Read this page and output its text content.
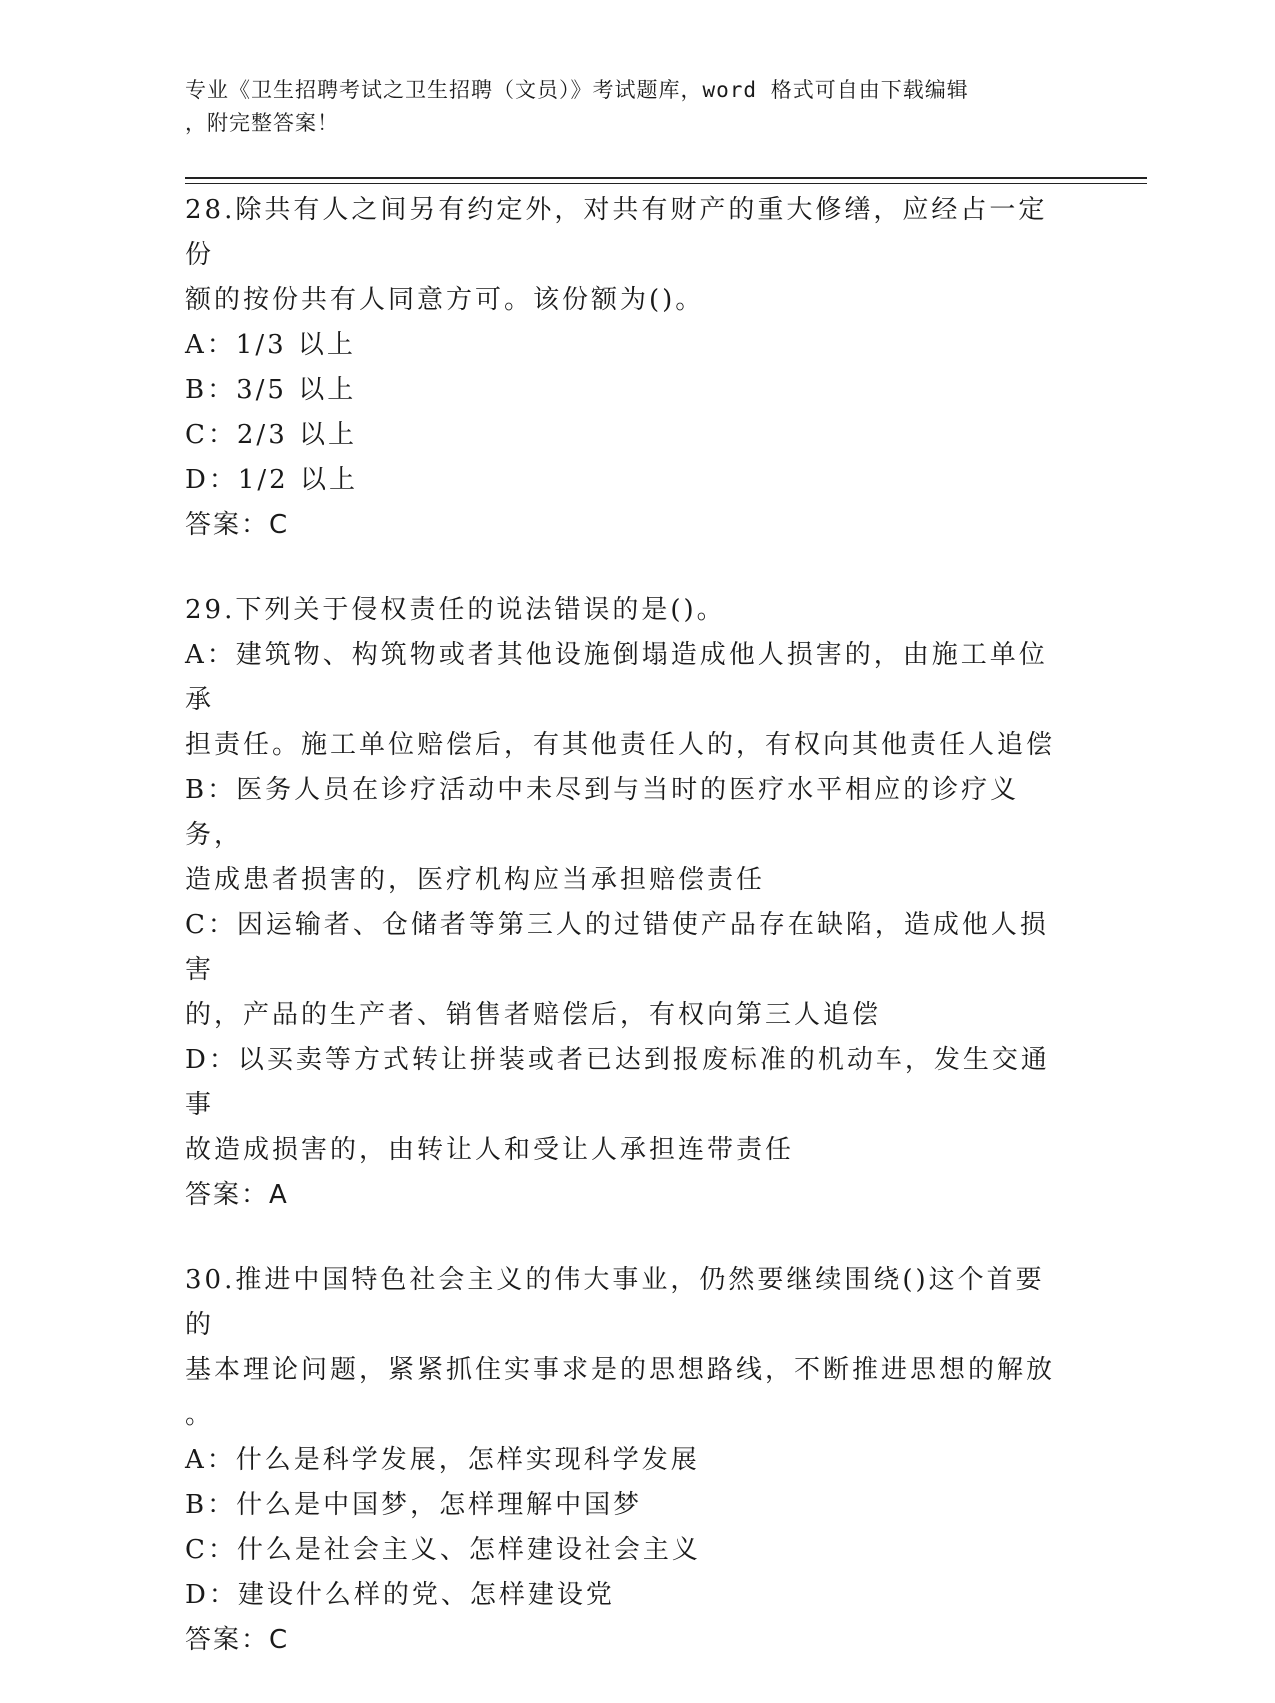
专业《卫生招聘考试之卫生招聘（文员）》考试题库，word 格式可自由下载编辑
，附完整答案！
28.除共有人之间另有约定外，对共有财产的重大修缮，应经占一定份
额的按份共有人同意方可。该份额为()。
A：1/3 以上
B：3/5 以上
C：2/3 以上
D：1/2 以上
答案：C
29.下列关于侵权责任的说法错误的是()。
A：建筑物、构筑物或者其他设施倒塌造成他人损害的，由施工单位承
担责任。施工单位赔偿后，有其他责任人的，有权向其他责任人追偿
B：医务人员在诊疗活动中未尽到与当时的医疗水平相应的诊疗义务，
造成患者损害的，医疗机构应当承担赔偿责任
C：因运输者、仓储者等第三人的过错使产品存在缺陷，造成他人损害
的，产品的生产者、销售者赔偿后，有权向第三人追偿
D：以买卖等方式转让拼装或者已达到报废标准的机动车，发生交通事
故造成损害的，由转让人和受让人承担连带责任
答案：A
30.推进中国特色社会主义的伟大事业，仍然要继续围绕()这个首要的
基本理论问题，紧紧抓住实事求是的思想路线，不断推进思想的解放
。
A：什么是科学发展，怎样实现科学发展
B：什么是中国梦，怎样理解中国梦
C：什么是社会主义、怎样建设社会主义
D：建设什么样的党、怎样建设党
答案：C
